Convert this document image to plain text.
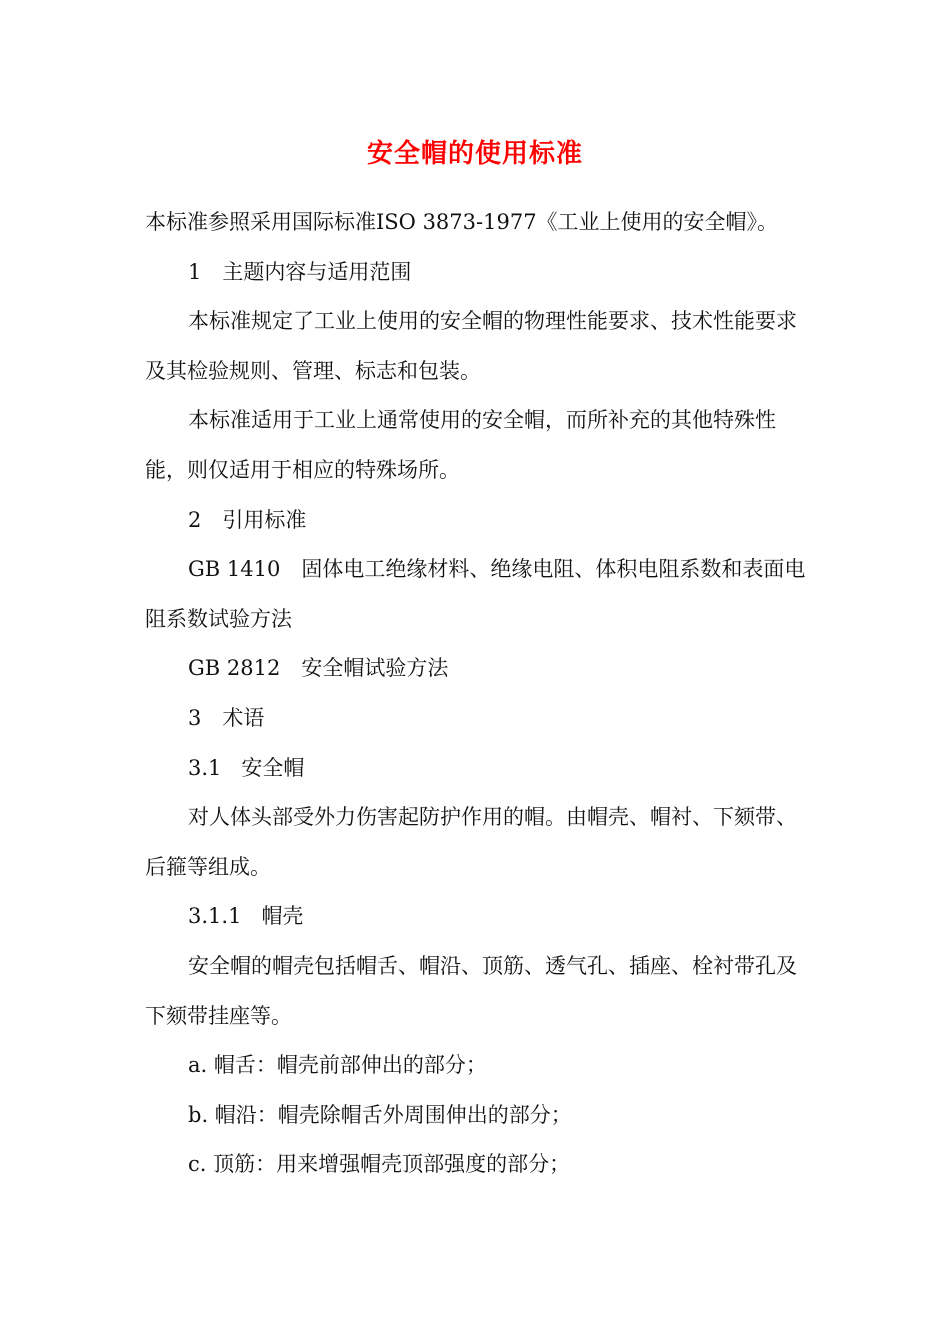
安全帽的使用标准

本标准参照采用国际标准ISO 3873-1977《工业上使用的安全帽》。

1 主题内容与适用范围

本标准规定了工业上使用的安全帽的物理性能要求、技术性能要求及其检验规则、管理、标志和包装。

本标准适用于工业上通常使用的安全帽，而所补充的其他特殊性能，则仅适用于相应的特殊场所。

2 引用标准

GB 1410 固体电工绝缘材料、绝缘电阻、体积电阻系数和表面电阻系数试验方法

GB 2812 安全帽试验方法

3 术语

3.1 安全帽

对人体头部受外力伤害起防护作用的帽。由帽壳、帽衬、下颏带、后箍等组成。

3.1.1 帽壳

安全帽的帽壳包括帽舌、帽沿、顶筋、透气孔、插座、栓衬带孔及下颏带挂座等。

a. 帽舌：帽壳前部伸出的部分；

b. 帽沿：帽壳除帽舌外周围伸出的部分；

c. 顶筋：用来增强帽壳顶部强度的部分；
